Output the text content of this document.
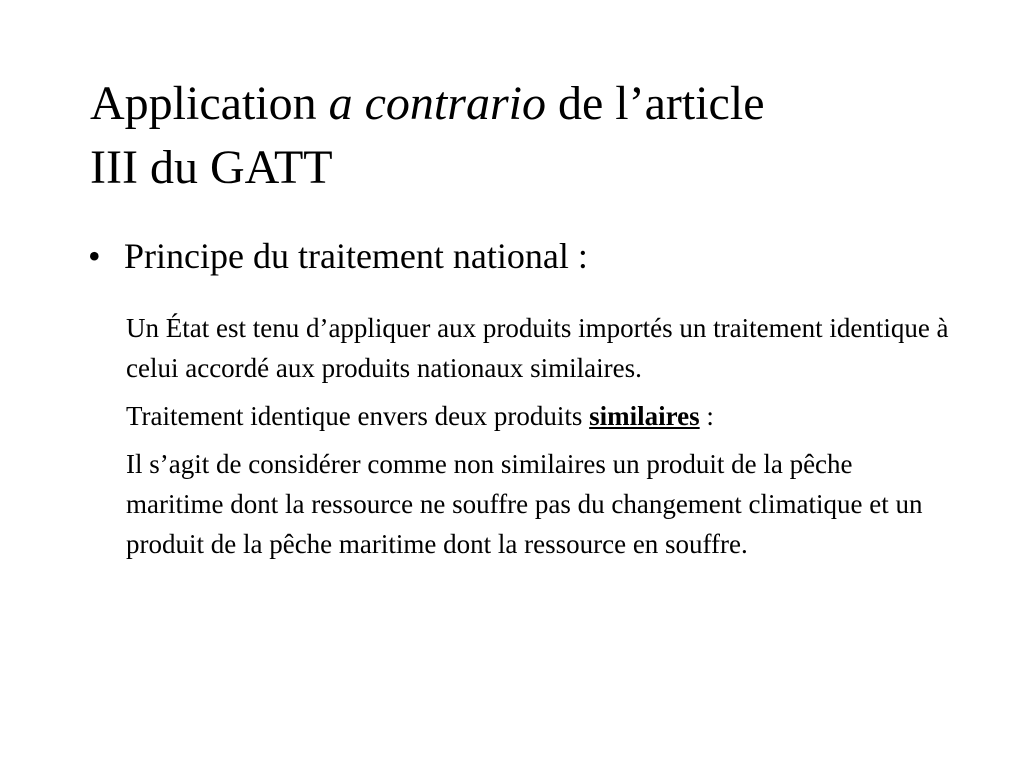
Application a contrario de l’article
III du GATT
• Principe du traitement national :

Un État est tenu d’appliquer aux produits importés un traitement identique à celui accordé aux produits nationaux similaires.

Traitement identique envers deux produits similaires :

Il s’agit de considérer comme non similaires un produit de la pêche maritime dont la ressource ne souffre pas du changement climatique et un produit de la pêche maritime dont la ressource en souffre.
